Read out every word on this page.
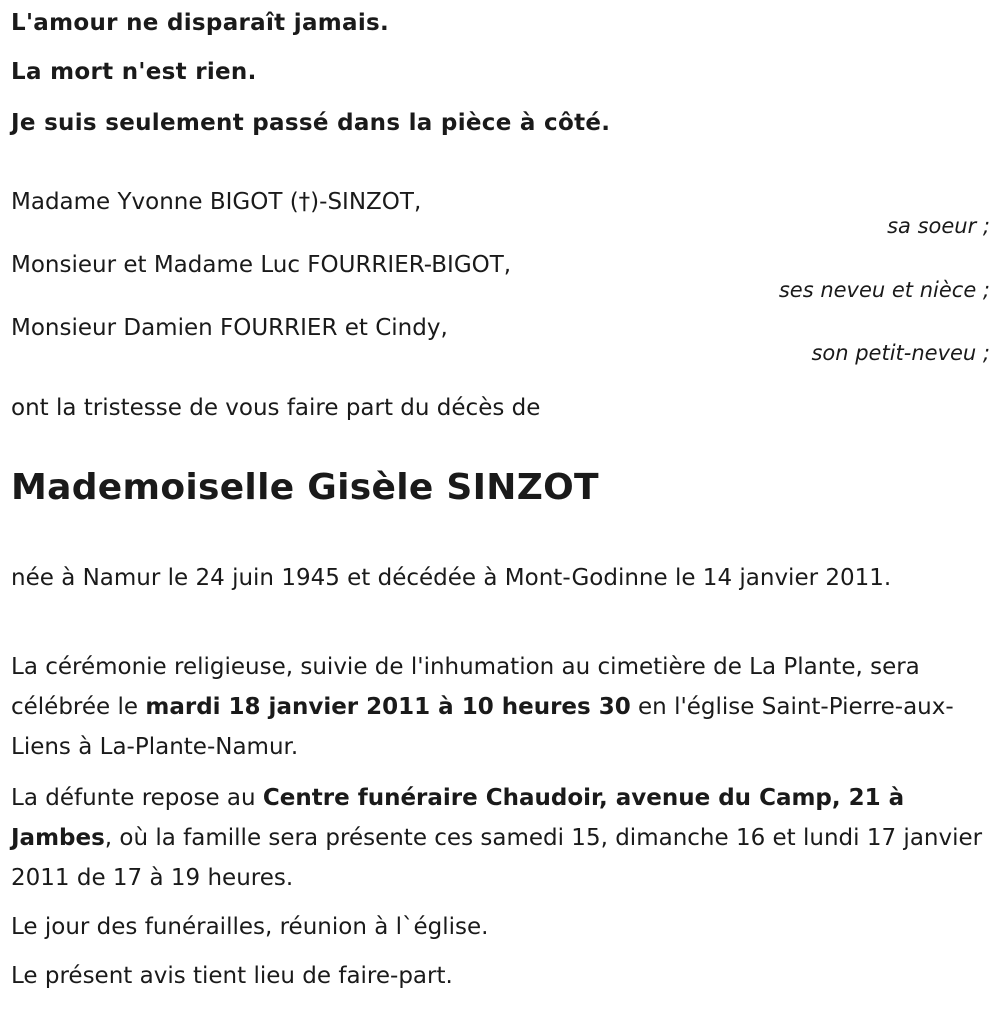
L'amour ne disparaît jamais.

La mort n'est rien.

Je suis seulement passé dans la pièce à côté.

Madame Yvonne BIGOT (†)-SINZOT,

sa soeur ;

Monsieur et Madame Luc FOURRIER-BIGOT,

ses neveu et nièce ;

Monsieur Damien FOURRIER et Cindy,

son petit-neveu ;

ont la tristesse de vous faire part du décès de

Mademoiselle Gisèle SINZOT

née à Namur le 24 juin 1945 et décédée à Mont-Godinne le 14 janvier 2011.

La cérémonie religieuse, suivie de l'inhumation au cimetière de La Plante, sera célébrée le mardi 18 janvier 2011 à 10 heures 30 en l'église Saint-Pierre-aux-Liens à La-Plante-Namur.

La défunte repose au Centre funéraire Chaudoir, avenue du Camp, 21 à Jambes, où la famille sera présente ces samedi 15, dimanche 16 et lundi 17 janvier 2011 de 17 à 19 heures.

Le jour des funérailles, réunion à l`église.

Le présent avis tient lieu de faire-part.
